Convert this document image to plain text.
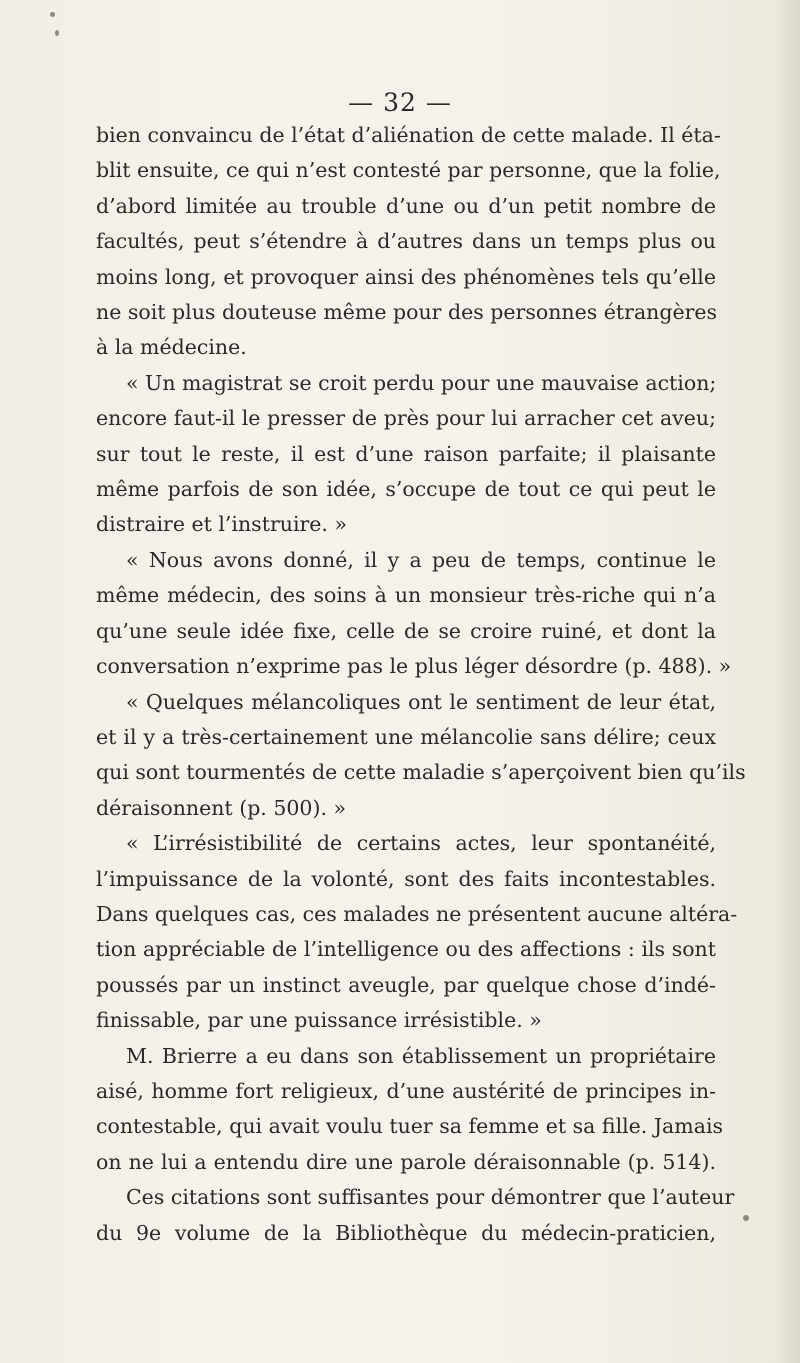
— 32 —
bien convaincu de l’état d’aliénation de cette malade. Il éta-
blit ensuite, ce qui n’est contesté par personne, que la folie,
d’abord limitée au trouble d’une ou d’un petit nombre de
facultés, peut s’étendre à d’autres dans un temps plus ou
moins long, et provoquer ainsi des phénomènes tels qu’elle
ne soit plus douteuse même pour des personnes étrangères
à la médecine.
« Un magistrat se croit perdu pour une mauvaise action;
encore faut-il le presser de près pour lui arracher cet aveu;
sur tout le reste, il est d’une raison parfaite; il plaisante
même parfois de son idée, s’occupe de tout ce qui peut le
distraire et l’instruire. »
« Nous avons donné, il y a peu de temps, continue le
même médecin, des soins à un monsieur très-riche qui n’a
qu’une seule idée fixe, celle de se croire ruiné, et dont la
conversation n’exprime pas le plus léger désordre (p. 488). »
« Quelques mélancoliques ont le sentiment de leur état,
et il y a très-certainement une mélancolie sans délire; ceux
qui sont tourmentés de cette maladie s’aperçoivent bien qu’ils
déraisonnent (p. 500). »
« L’irrésistibilité de certains actes, leur spontanéité,
l’impuissance de la volonté, sont des faits incontestables.
Dans quelques cas, ces malades ne présentent aucune altéra-
tion appréciable de l’intelligence ou des affections : ils sont
poussés par un instinct aveugle, par quelque chose d’indé-
finissable, par une puissance irrésistible. »
M. Brierre a eu dans son établissement un propriétaire
aisé, homme fort religieux, d’une austérité de principes in-
contestable, qui avait voulu tuer sa femme et sa fille. Jamais
on ne lui a entendu dire une parole déraisonnable (p. 514).
Ces citations sont suffisantes pour démontrer que l’auteur
du 9e volume de la Bibliothèque du médecin-praticien,
